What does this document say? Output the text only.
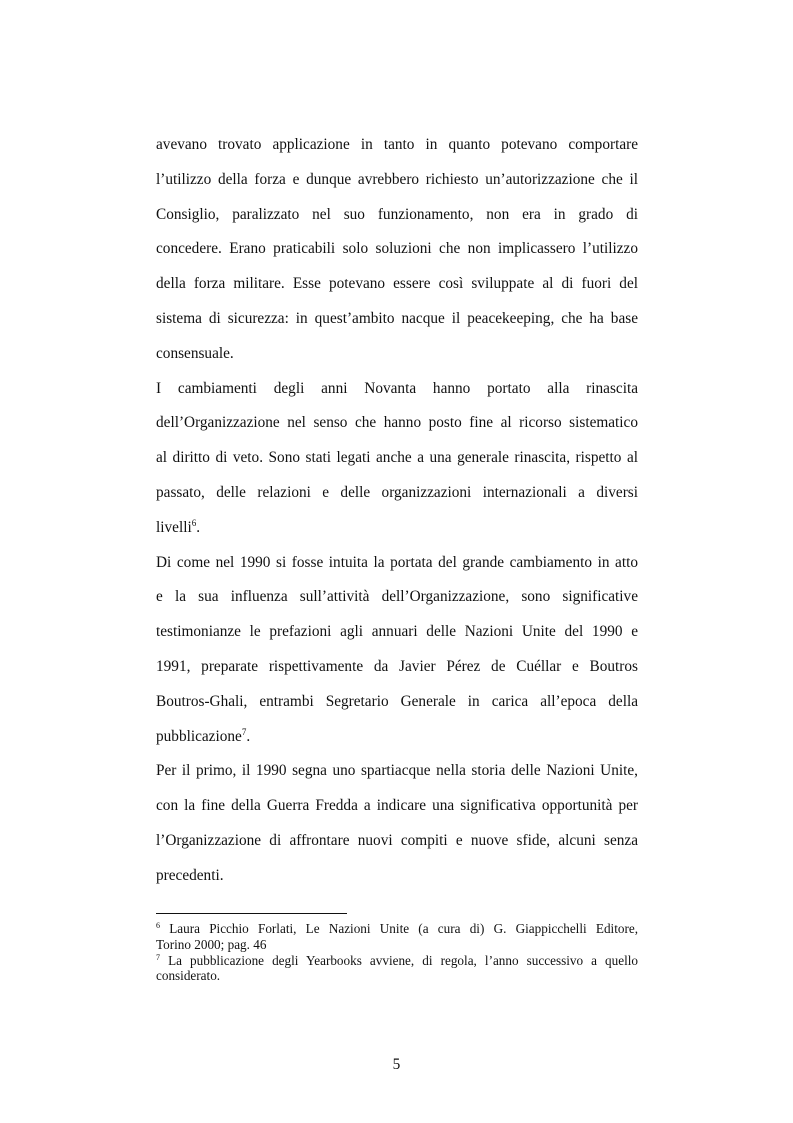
avevano trovato applicazione in tanto in quanto potevano comportare
l’utilizzo della forza e dunque avrebbero richiesto un’autorizzazione che il
Consiglio, paralizzato nel suo funzionamento, non era in grado di
concedere. Erano praticabili solo soluzioni che non implicassero l’utilizzo
della forza militare. Esse potevano essere così sviluppate al di fuori del
sistema di sicurezza: in quest’ambito nacque il peacekeeping, che ha base
consensuale.
I cambiamenti degli anni Novanta hanno portato alla rinascita
dell’Organizzazione nel senso che hanno posto fine al ricorso sistematico
al diritto di veto. Sono stati legati anche a una generale rinascita, rispetto al
passato, delle relazioni e delle organizzazioni internazionali a diversi
livelli$^6$.
Di come nel 1990 si fosse intuita la portata del grande cambiamento in atto
e la sua influenza sull’attività dell’Organizzazione, sono significative
testimonianze le prefazioni agli annuari delle Nazioni Unite del 1990 e
1991, preparate rispettivamente da Javier Pérez de Cuéllar e Boutros
Boutros-Ghali, entrambi Segretario Generale in carica all’epoca della
pubblicazione$^7$.
Per il primo, il 1990 segna uno spartiacque nella storia delle Nazioni Unite,
con la fine della Guerra Fredda a indicare una significativa opportunità per
l’Organizzazione di affrontare nuovi compiti e nuove sfide, alcuni senza
precedenti.
$^6$ Laura Picchio Forlati, Le Nazioni Unite (a cura di) G. Giappicchelli Editore,
Torino 2000; pag. 46
$^7$ La pubblicazione degli Yearbooks avviene, di regola, l’anno successivo a quello
considerato.
5
